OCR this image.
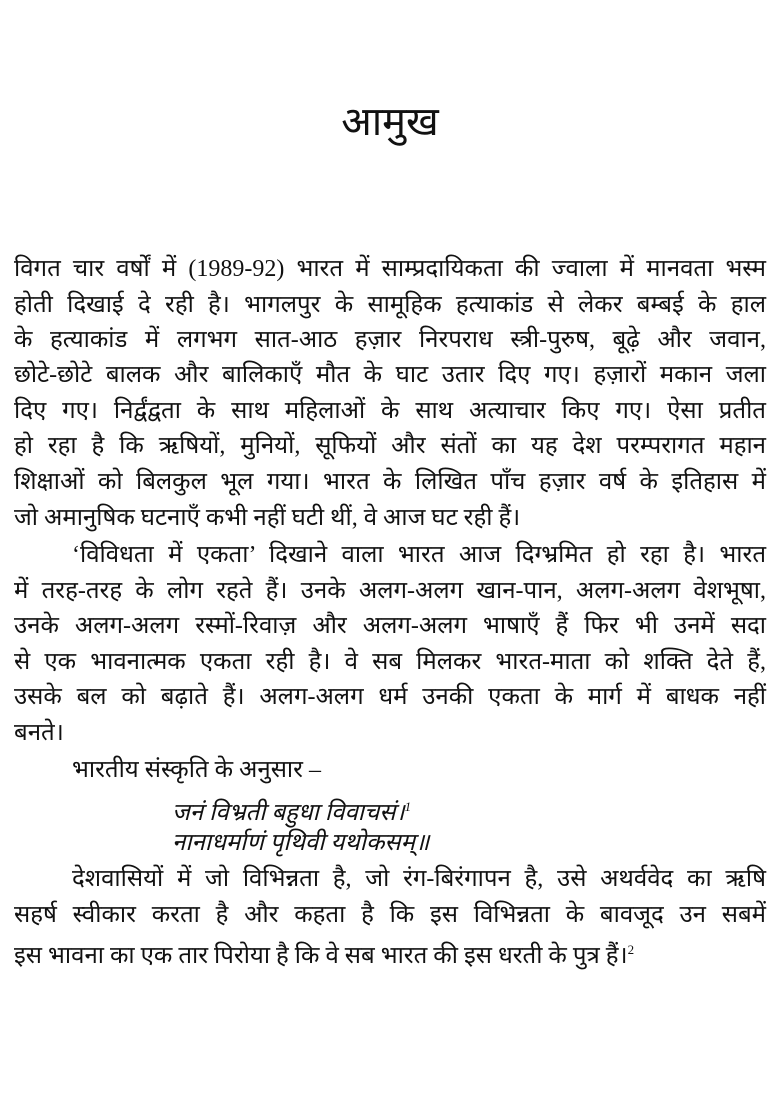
आमुख
विगत चार वर्षों में (1989-92) भारत में साम्प्रदायिकता की ज्वाला में मानवता भस्म
होती दिखाई दे रही है। भागलपुर के सामूहिक हत्याकांड से लेकर बम्बई के हाल
के हत्याकांड में लगभग सात-आठ हज़ार निरपराध स्त्री-पुरुष, बूढ़े और जवान,
छोटे-छोटे बालक और बालिकाएँ मौत के घाट उतार दिए गए। हज़ारों मकान जला
दिए गए। निर्द्वंद्वता के साथ महिलाओं के साथ अत्याचार किए गए। ऐसा प्रतीत
हो रहा है कि ऋषियों, मुनियों, सूफियों और संतों का यह देश परम्परागत महान
शिक्षाओं को बिलकुल भूल गया। भारत के लिखित पाँच हज़ार वर्ष के इतिहास में
जो अमानुषिक घटनाएँ कभी नहीं घटी थीं, वे आज घट रही हैं।
‘विविधता में एकता’ दिखाने वाला भारत आज दिग्भ्रमित हो रहा है। भारत
में तरह-तरह के लोग रहते हैं। उनके अलग-अलग खान-पान, अलग-अलग वेशभूषा,
उनके अलग-अलग रस्मों-रिवाज़ और अलग-अलग भाषाएँ हैं फिर भी उनमें सदा
से एक भावनात्मक एकता रही है। वे सब मिलकर भारत-माता को शक्ति देते हैं,
उसके बल को बढ़ाते हैं। अलग-अलग धर्म उनकी एकता के मार्ग में बाधक नहीं
बनते।
भारतीय संस्कृति के अनुसार –
जनं विभ्रती बहुधा विवाचसं।$^1$
नानाधर्माणं पृथिवी यथोकसम्॥
देशवासियों में जो विभिन्नता है, जो रंग-बिरंगापन है, उसे अथर्ववेद का ऋषि
सहर्ष स्वीकार करता है और कहता है कि इस विभिन्नता के बावजूद उन सबमें
इस भावना का एक तार पिरोया है कि वे सब भारत की इस धरती के पुत्र हैं।$^2$
